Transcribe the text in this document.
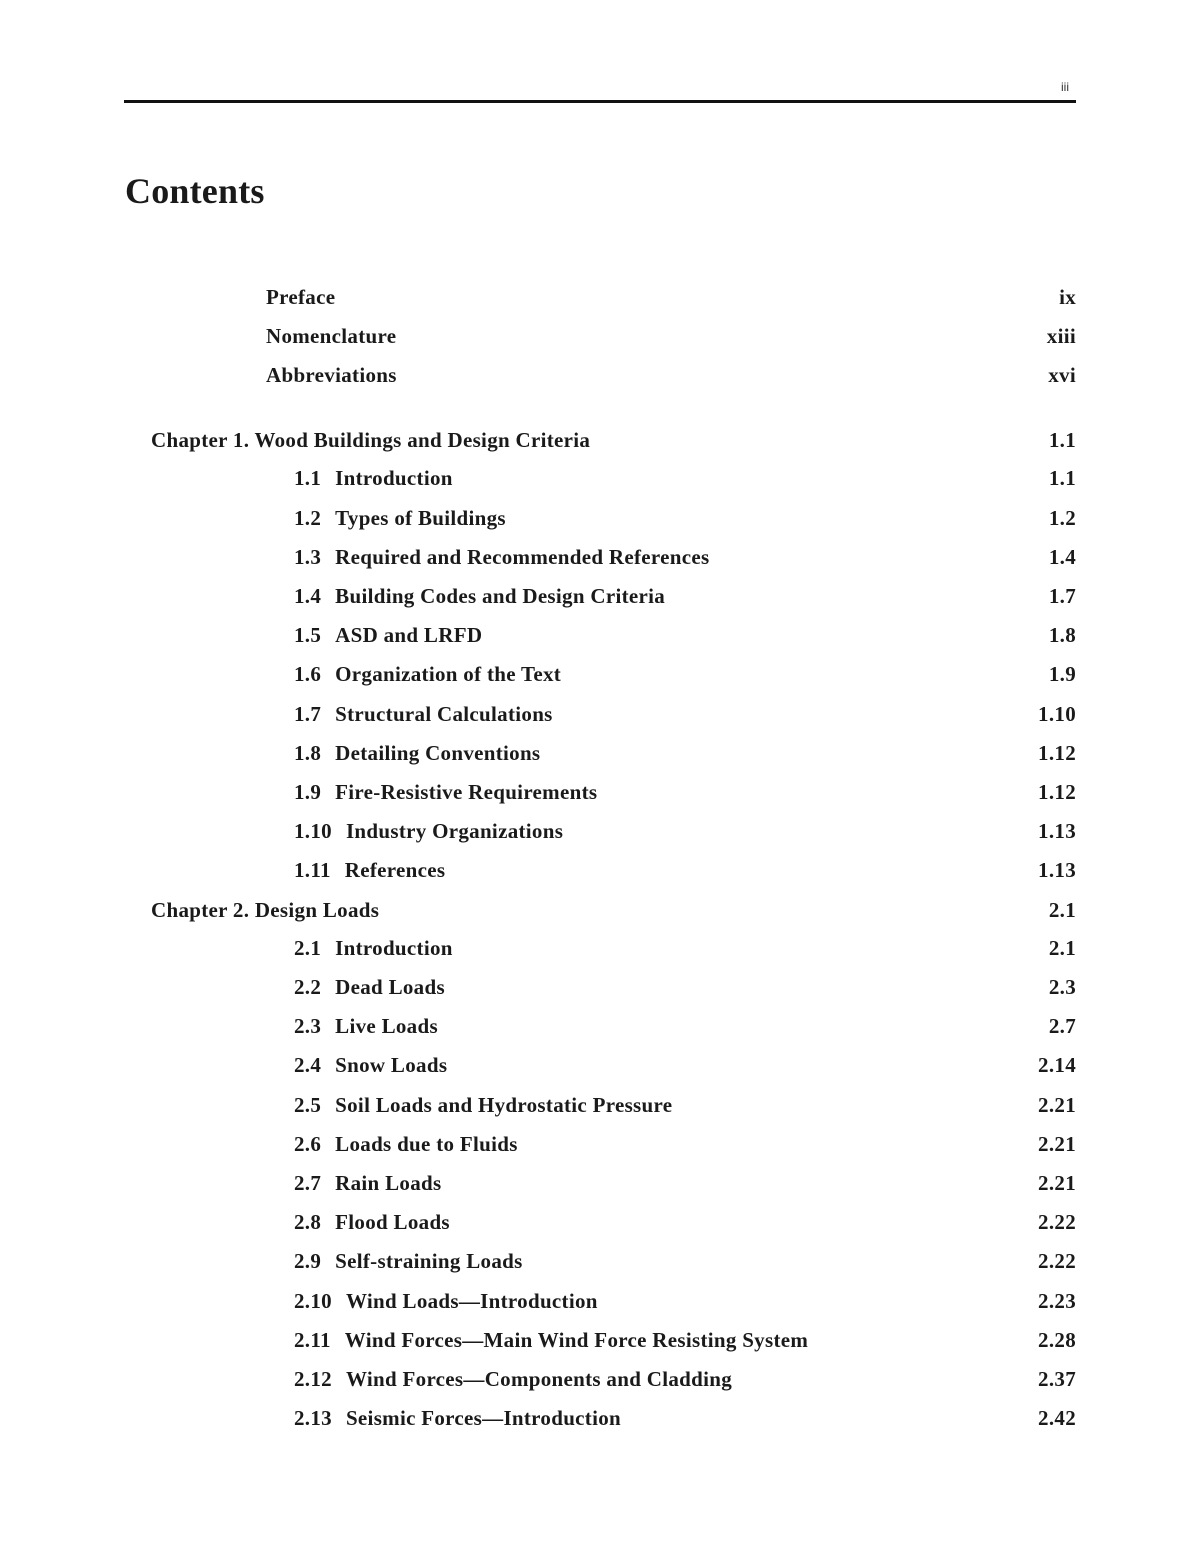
iii
Contents
Preface	ix
Nomenclature	xiii
Abbreviations	xvi
Chapter 1. Wood Buildings and Design Criteria	1.1
1.1 Introduction	1.1
1.2 Types of Buildings	1.2
1.3 Required and Recommended References	1.4
1.4 Building Codes and Design Criteria	1.7
1.5 ASD and LRFD	1.8
1.6 Organization of the Text	1.9
1.7 Structural Calculations	1.10
1.8 Detailing Conventions	1.12
1.9 Fire-Resistive Requirements	1.12
1.10 Industry Organizations	1.13
1.11 References	1.13
Chapter 2. Design Loads	2.1
2.1 Introduction	2.1
2.2 Dead Loads	2.3
2.3 Live Loads	2.7
2.4 Snow Loads	2.14
2.5 Soil Loads and Hydrostatic Pressure	2.21
2.6 Loads due to Fluids	2.21
2.7 Rain Loads	2.21
2.8 Flood Loads	2.22
2.9 Self-straining Loads	2.22
2.10 Wind Loads—Introduction	2.23
2.11 Wind Forces—Main Wind Force Resisting System	2.28
2.12 Wind Forces—Components and Cladding	2.37
2.13 Seismic Forces—Introduction	2.42
